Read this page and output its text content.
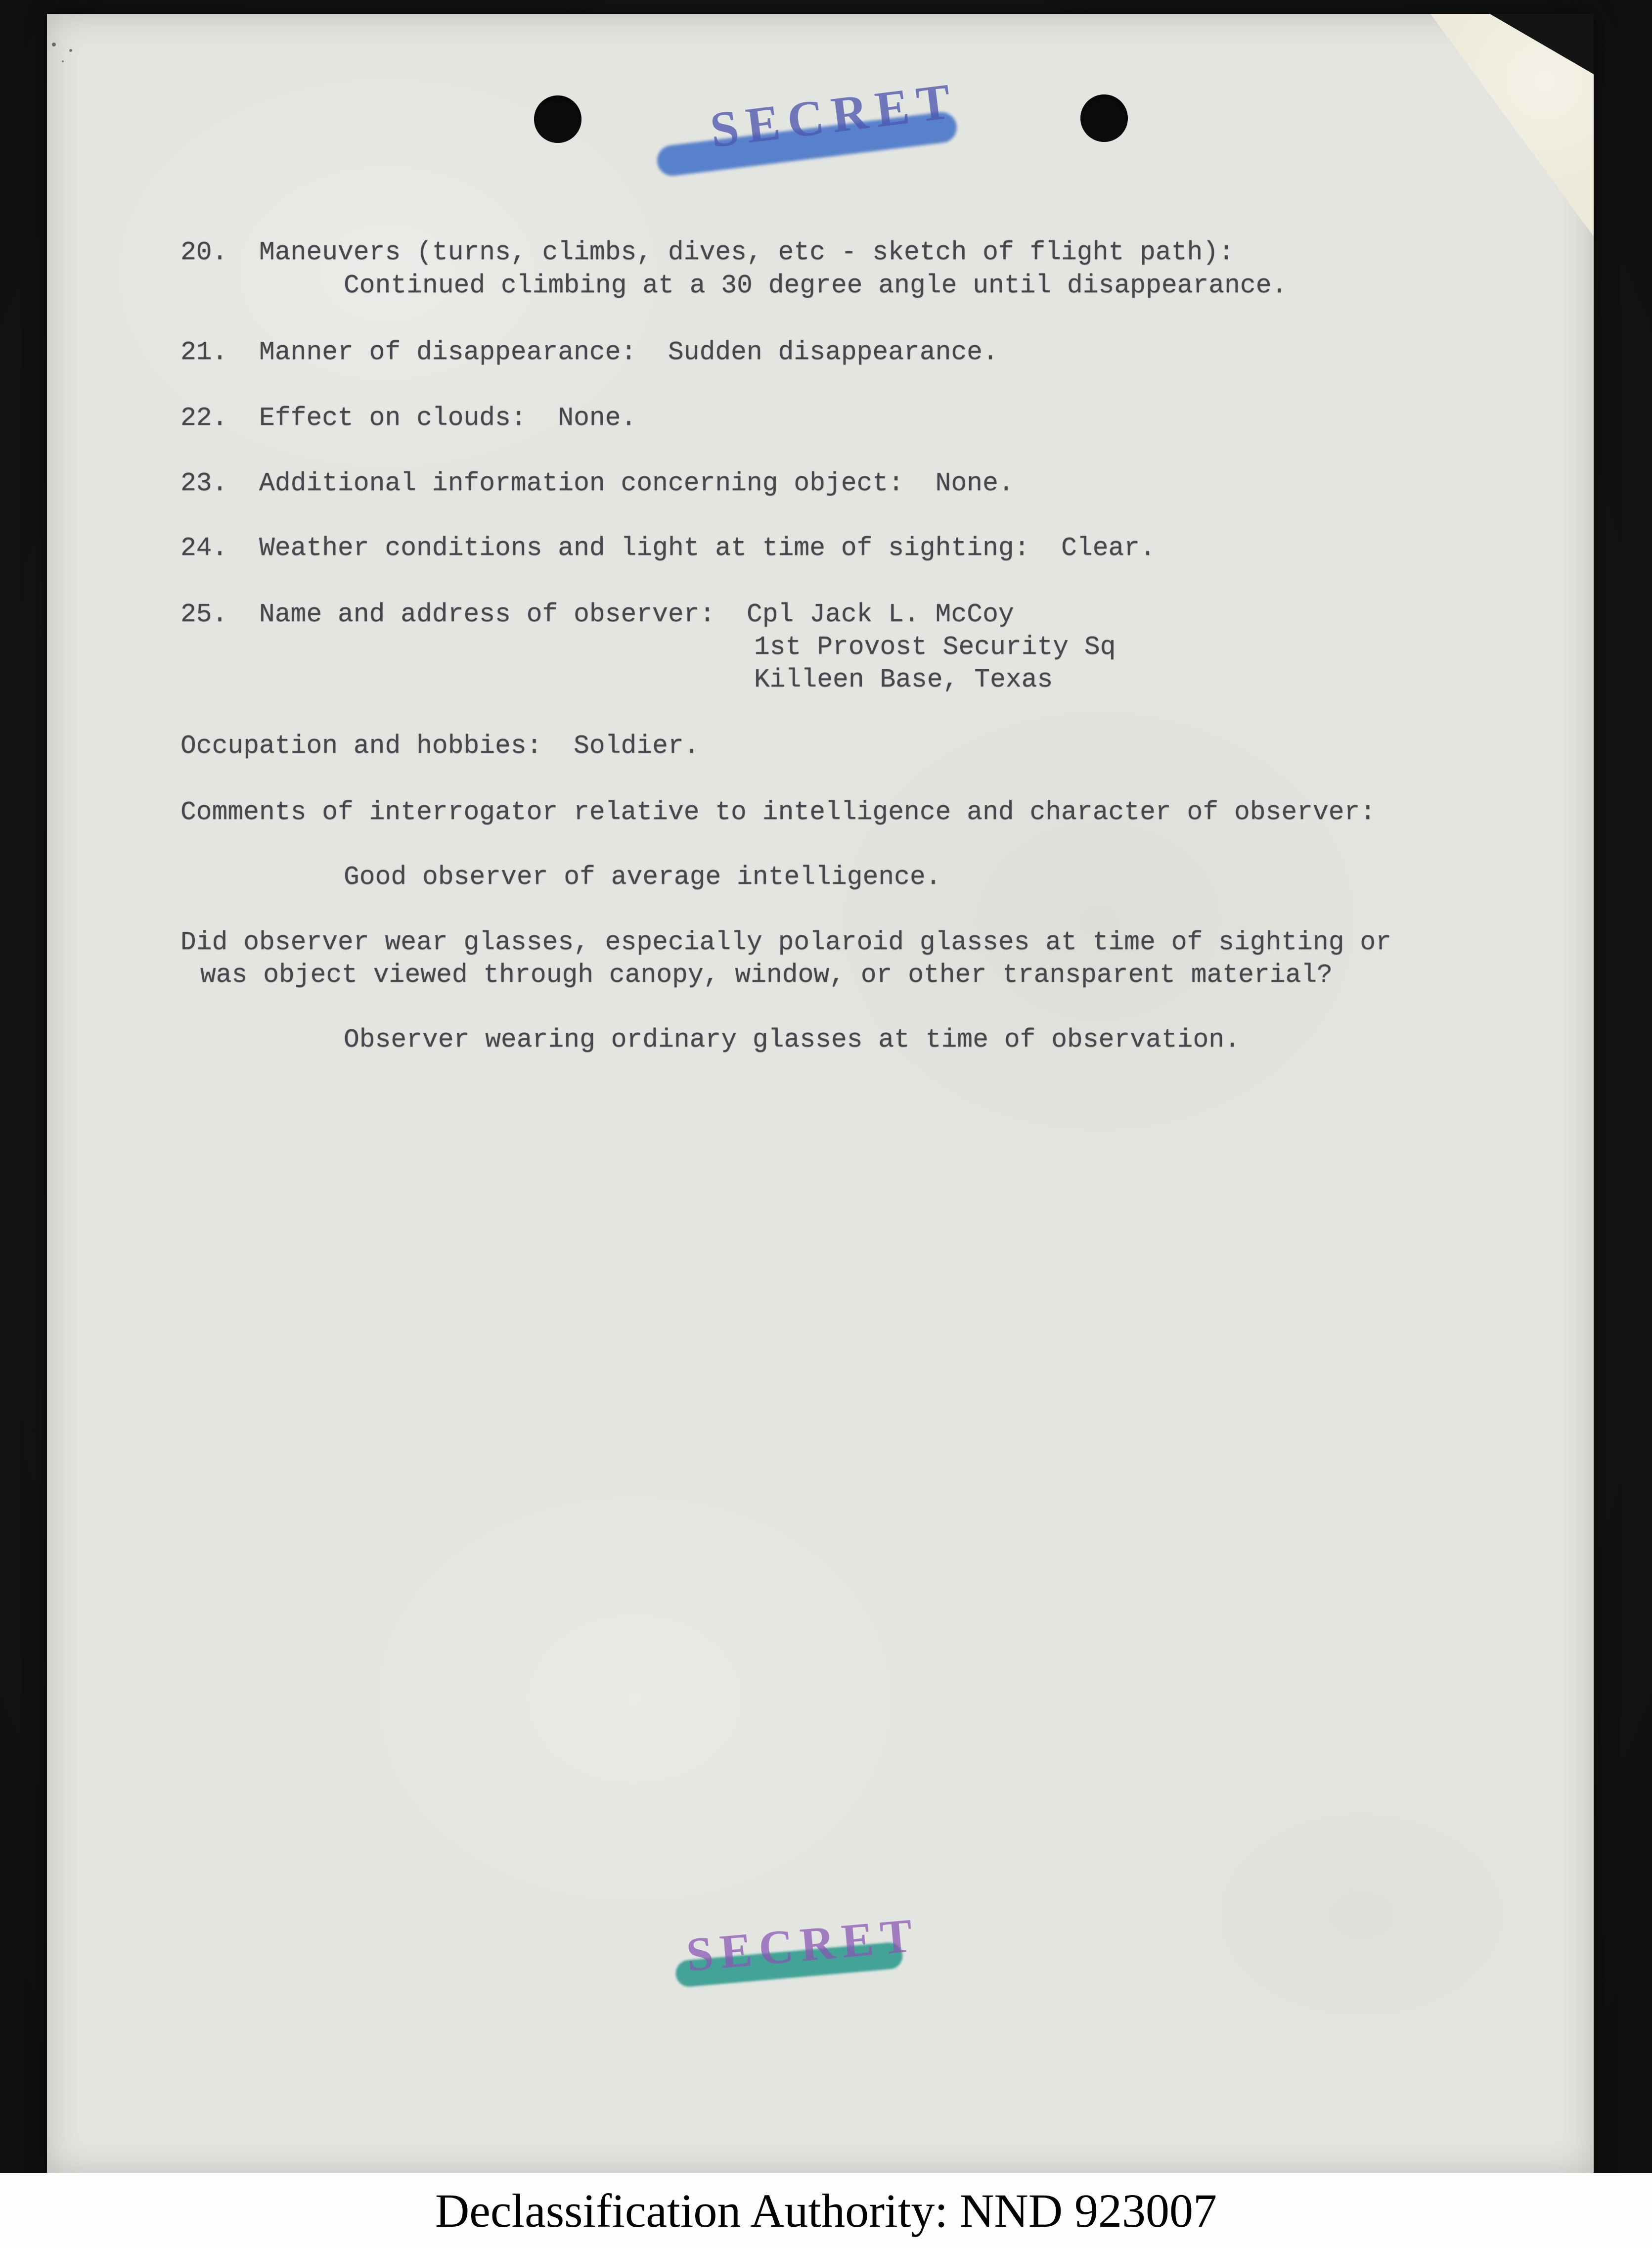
SECRET
20.  Maneuvers (turns, climbs, dives, etc - sketch of flight path):
Continued climbing at a 30 degree angle until disappearance.
21.  Manner of disappearance:  Sudden disappearance.
22.  Effect on clouds:  None.
23.  Additional information concerning object:  None.
24.  Weather conditions and light at time of sighting:  Clear.
25.  Name and address of observer:  Cpl Jack L. McCoy
1st Provost Security Sq
Killeen Base, Texas
Occupation and hobbies:  Soldier.
Comments of interrogator relative to intelligence and character of observer:
Good observer of average intelligence.
Did observer wear glasses, especially polaroid glasses at time of sighting or
was object viewed through canopy, window, or other transparent material?
Observer wearing ordinary glasses at time of observation.
SECRET
Declassification Authority: NND 923007
